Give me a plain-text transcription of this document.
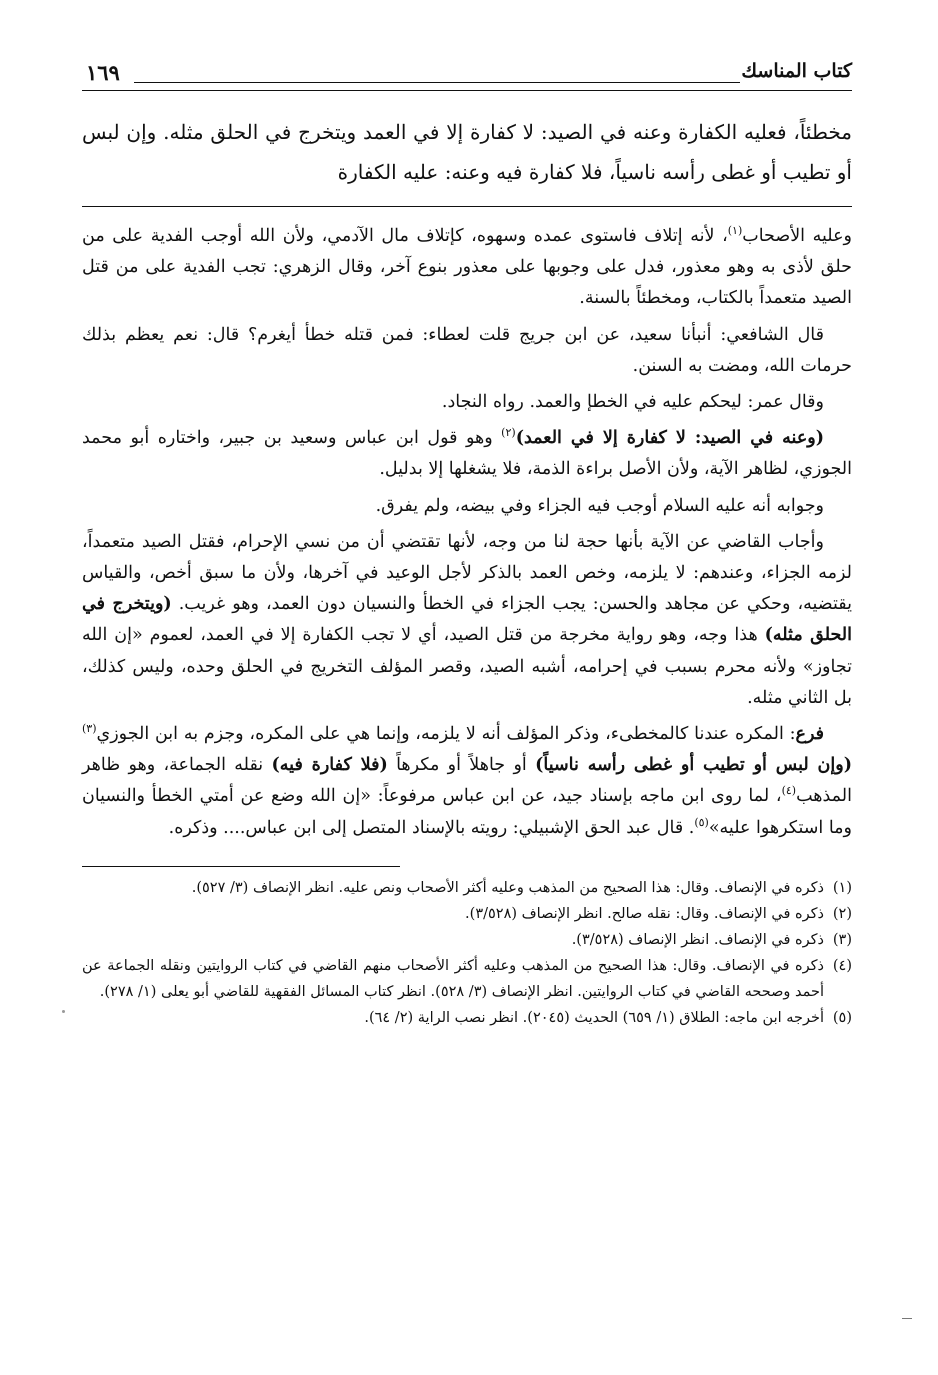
كتاب المناسك
١٦٩

مخطئاً، فعليه الكفارة وعنه في الصيد: لا كفارة إلا في العمد ويتخرج في الحلق مثله. وإن لبس أو تطيب أو غطى رأسه ناسياً، فلا كفارة فيه وعنه: عليه الكفارة

وعليه الأصحاب$^{(١)}$، لأنه إتلاف فاستوى عمده وسهوه، كإتلاف مال الآدمي، ولأن الله أوجب الفدية على من حلق لأذى به وهو معذور، فدل على وجوبها على معذور بنوع آخر، وقال الزهري: تجب الفدية على من قتل الصيد متعمداً بالكتاب، ومخطئاً بالسنة.

قال الشافعي: أنبأنا سعيد، عن ابن جريج قلت لعطاء: فمن قتله خطأ أيغرم؟ قال: نعم يعظم بذلك حرمات الله، ومضت به السنن.

وقال عمر: ليحكم عليه في الخطإ والعمد. رواه النجاد.

(وعنه في الصيد: لا كفارة إلا في العمد)$^{(٢)}$ وهو قول ابن عباس وسعيد بن جبير، واختاره أبو محمد الجوزي، لظاهر الآية، ولأن الأصل براءة الذمة، فلا يشغلها إلا بدليل.

وجوابه أنه عليه السلام أوجب فيه الجزاء وفي بيضه، ولم يفرق.

وأجاب القاضي عن الآية بأنها حجة لنا من وجه، لأنها تقتضي أن من نسي الإحرام، فقتل الصيد متعمداً، لزمه الجزاء، وعندهم: لا يلزمه، وخص العمد بالذكر لأجل الوعيد في آخرها، ولأن ما سبق أخص، والقياس يقتضيه، وحكي عن مجاهد والحسن: يجب الجزاء في الخطأ والنسيان دون العمد، وهو غريب. (ويتخرج في الحلق مثله) هذا وجه، وهو رواية مخرجة من قتل الصيد، أي لا تجب الكفارة إلا في العمد، لعموم «إن الله تجاوز» ولأنه محرم بسبب في إحرامه، أشبه الصيد، وقصر المؤلف التخريج في الحلق وحده، وليس كذلك، بل الثاني مثله.

فرع: المكره عندنا كالمخطىء، وذكر المؤلف أنه لا يلزمه، وإنما هي على المكره، وجزم به ابن الجوزي$^{(٣)}$ (وإن لبس أو تطيب أو غطى رأسه ناسياً) أو جاهلاً أو مكرهاً (فلا كفارة فيه) نقله الجماعة، وهو ظاهر المذهب$^{(٤)}$، لما روى ابن ماجه بإسناد جيد، عن ابن عباس مرفوعاً: «إن الله وضع عن أمتي الخطأ والنسيان وما استكرهوا عليه»$^{(٥)}$. قال عبد الحق الإشبيلي: رويته بالإسناد المتصل إلى ابن عباس.... وذكره.

(١)
ذكره في الإنصاف. وقال: هذا الصحيح من المذهب وعليه أكثر الأصحاب ونص عليه. انظر الإنصاف (٣/ ٥٢٧).
(٢)
ذكره في الإنصاف. وقال: نقله صالح. انظر الإنصاف (٣/٥٢٨).
(٣)
ذكره في الإنصاف. انظر الإنصاف (٣/٥٢٨).
(٤)
ذكره في الإنصاف. وقال: هذا الصحيح من المذهب وعليه أكثر الأصحاب منهم القاضي في كتاب الروايتين ونقله الجماعة عن أحمد وصححه القاضي في كتاب الروايتين. انظر الإنصاف (٣/ ٥٢٨). انظر كتاب المسائل الفقهية للقاضي أبو يعلى (١/ ٢٧٨).
(٥)
أخرجه ابن ماجه: الطلاق (١/ ٦٥٩) الحديث (٢٠٤٥). انظر نصب الراية (٢/ ٦٤).
